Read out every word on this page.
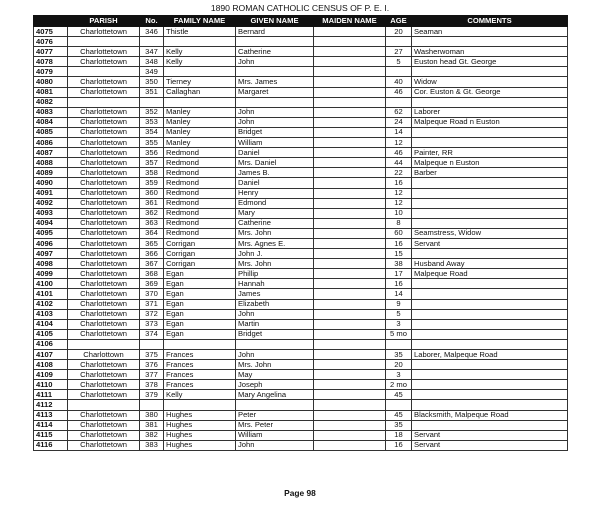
1890 ROMAN CATHOLIC CENSUS OF P. E. I.
	PARISH	No.	FAMILY NAME	GIVEN NAME	MAIDEN NAME	AGE	COMMENTS
4075	Charlottetown	346	Thistle	Bernard		20	Seaman
4076							
4077	Charlottetown	347	Kelly	Catherine		27	Washerwoman
4078	Charlottetown	348	Kelly	John		5	Euston head Gt. George
4079		349					
4080	Charlottetown	350	Tierney	Mrs. James		40	Widow
4081	Charlottetown	351	Callaghan	Margaret		46	Cor. Euston & Gt. George
4082							
4083	Charlottetown	352	Manley	John		62	Laborer
4084	Charlottetown	353	Manley	John		24	Malpeque Road n Euston
4085	Charlottetown	354	Manley	Bridget		14	
4086	Charlottetown	355	Manley	William		12	
4087	Charlottetown	356	Redmond	Daniel		46	Painter, RR
4088	Charlottetown	357	Redmond	Mrs. Daniel		44	Malpeque n Euston
4089	Charlottetown	358	Redmond	James B.		22	Barber
4090	Charlottetown	359	Redmond	Daniel		16	
4091	Charlottetown	360	Redmond	Henry		12	
4092	Charlottetown	361	Redmond	Edmond		12	
4093	Charlottetown	362	Redmond	Mary		10	
4094	Charlottetown	363	Redmond	Catherine		8	
4095	Charlottetown	364	Redmond	Mrs. John		60	Seamstress, Widow
4096	Charlottetown	365	Corrigan	Mrs. Agnes E.		16	Servant
4097	Charlottetown	366	Corrigan	John J.		15	
4098	Charlottetown	367	Corrigan	Mrs. John		38	Husband Away
4099	Charlottetown	368	Egan	Phillip		17	Malpeque Road
4100	Charlottetown	369	Egan	Hannah		16	
4101	Charlottetown	370	Egan	James		14	
4102	Charlottetown	371	Egan	Elizabeth		9	
4103	Charlottetown	372	Egan	John		5	
4104	Charlottetown	373	Egan	Martin		3	
4105	Charlottetown	374	Egan	Bridget		5 mo	
4106							
4107	Charlottown	375	Frances	John		35	Laborer, Malpeque Road
4108	Charlottetown	376	Frances	Mrs. John		20	
4109	Charlottetown	377	Frances	May		3	
4110	Charlottetown	378	Frances	Joseph		2 mo	
4111	Charlottetown	379	Kelly	Mary Angelina		45	
4112							
4113	Charlottetown	380	Hughes	Peter		45	Blacksmith, Malpeque Road
4114	Charlottetown	381	Hughes	Mrs. Peter		35	
4115	Charlottetown	382	Hughes	William		18	Servant
4116	Charlottetown	383	Hughes	John		16	Servant
Page 98
